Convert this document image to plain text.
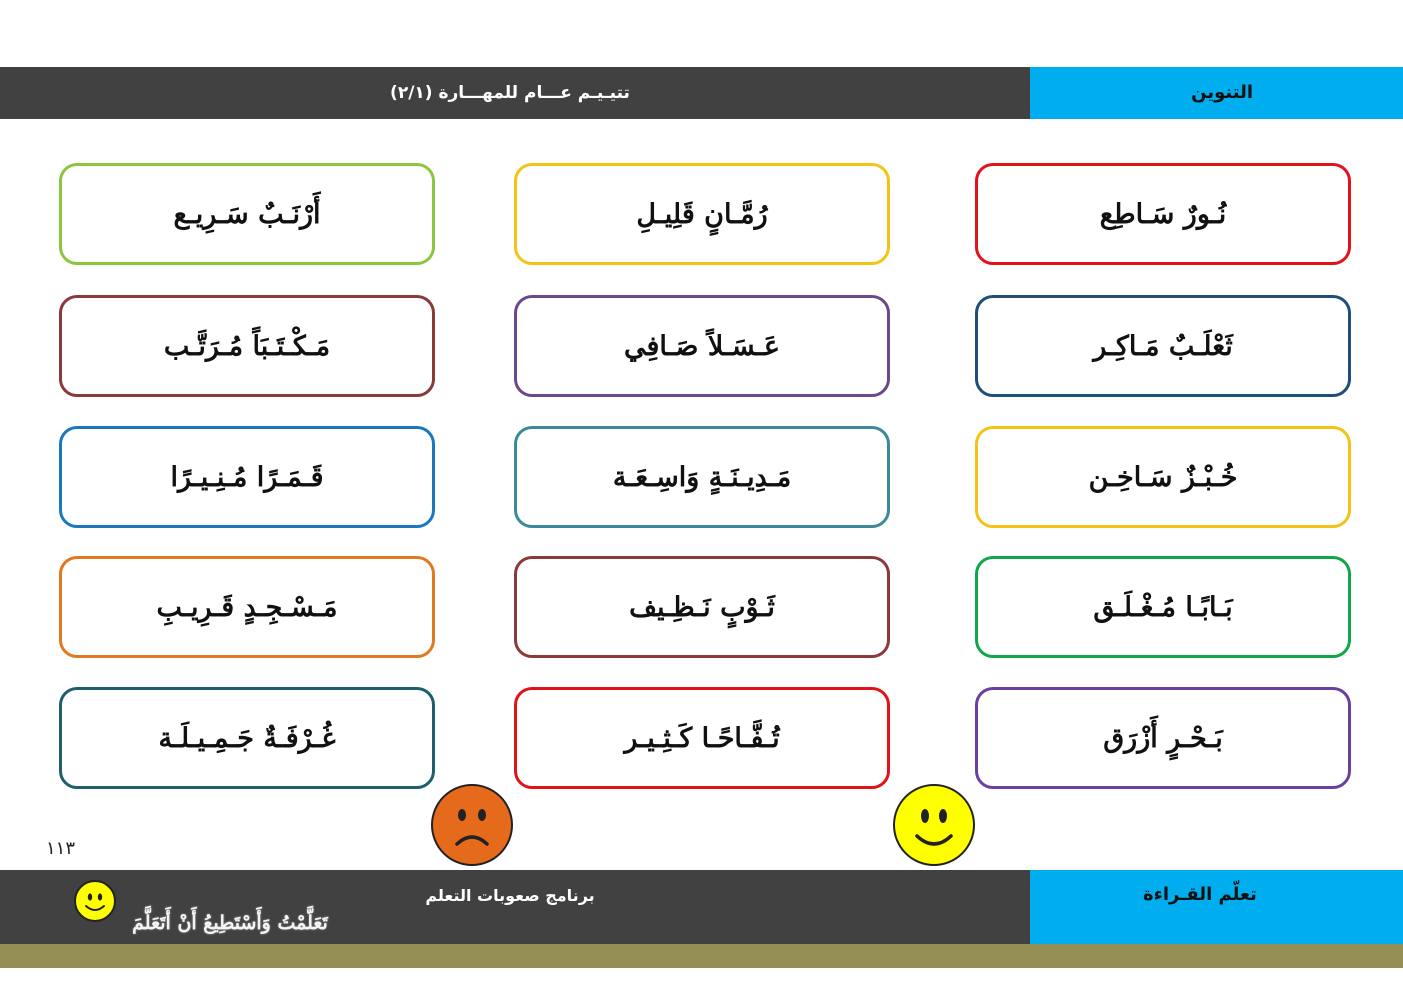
تتيـيـم عـــام للمهـــارة (٢/١)	التنوين
نُـورٌ سَـاطِع
رُمَّـانٍ قَلِيـلِ
أَرْنَـبٌ سَـرِيـع
ثَعْلَـبٌ مَـاكِـر
عَـسَـلاً صَـافِي
مَـكْـتَـبَاً مُـرَتَّـب
خُـبْـزٌ سَـاخِـن
مَـدِيـنَـةٍ وَاسِـعَـة
قَـمَـرًا مُـنِـيـرًا
بَـابًـا مُـغْـلَـق
ثَـوْبٍ نَـظِـيف
مَـسْـجِـدٍ قَـرِيـبِ
بَـحْـرٍ أَزْرَق
تُـفَّـاحًـا كَـثِـيـر
غُـرْفَـةٌ جَـمِـيـلَـة
١١٣
تَعَلَّمْتُ وَأَسْتَطِيعُ أَنْ أَتَعَلَّمَ
برنامج صعوبات التعلم	تعلّم القـراءة
